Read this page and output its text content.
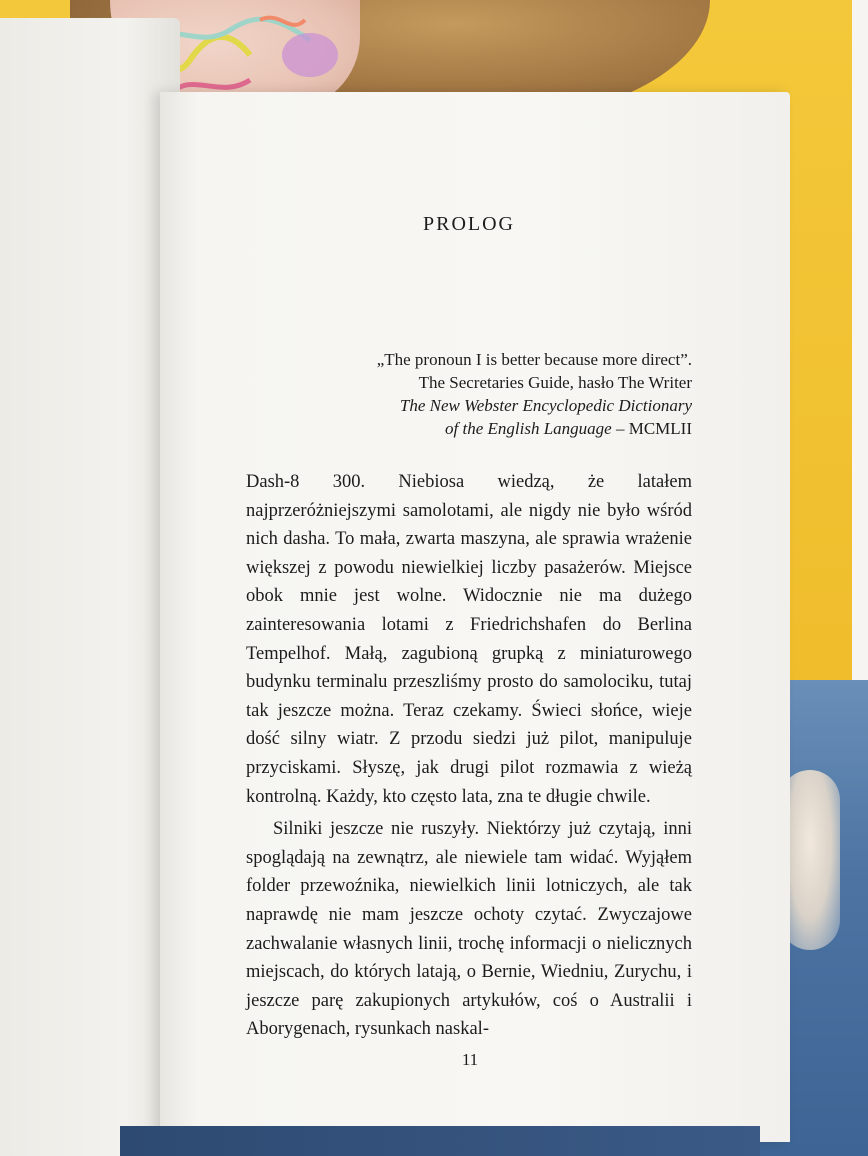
PROLOG
„The pronoun I is better because more direct”.
The Secretaries Guide, hasło The Writer
The New Webster Encyclopedic Dictionary
of the English Language – MCMLII

Dash-8 300. Niebiosa wiedzą, że latałem najprzeróżniejszymi samolotami, ale nigdy nie było wśród nich dasha. To mała, zwarta maszyna, ale sprawia wrażenie większej z powodu niewielkiej liczby pasażerów. Miejsce obok mnie jest wolne. Widocznie nie ma dużego zainteresowania lotami z Friedrichshafen do Berlina Tempelhof. Małą, zagubioną grupką z miniaturowego budynku terminalu przeszliśmy prosto do samolociku, tutaj tak jeszcze można. Teraz czekamy. Świeci słońce, wieje dość silny wiatr. Z przodu siedzi już pilot, manipuluje przyciskami. Słyszę, jak drugi pilot rozmawia z wieżą kontrolną. Każdy, kto często lata, zna te długie chwile.

Silniki jeszcze nie ruszyły. Niektórzy już czytają, inni spoglądają na zewnątrz, ale niewiele tam widać. Wyjąłem folder przewoźnika, niewielkich linii lotniczych, ale tak naprawdę nie mam jeszcze ochoty czytać. Zwyczajowe zachwalanie własnych linii, trochę informacji o nielicznych miejscach, do których latają, o Bernie, Wiedniu, Zurychu, i jeszcze parę zakupionych artykułów, coś o Australii i Aborygenach, rysunkach naskal-

11
